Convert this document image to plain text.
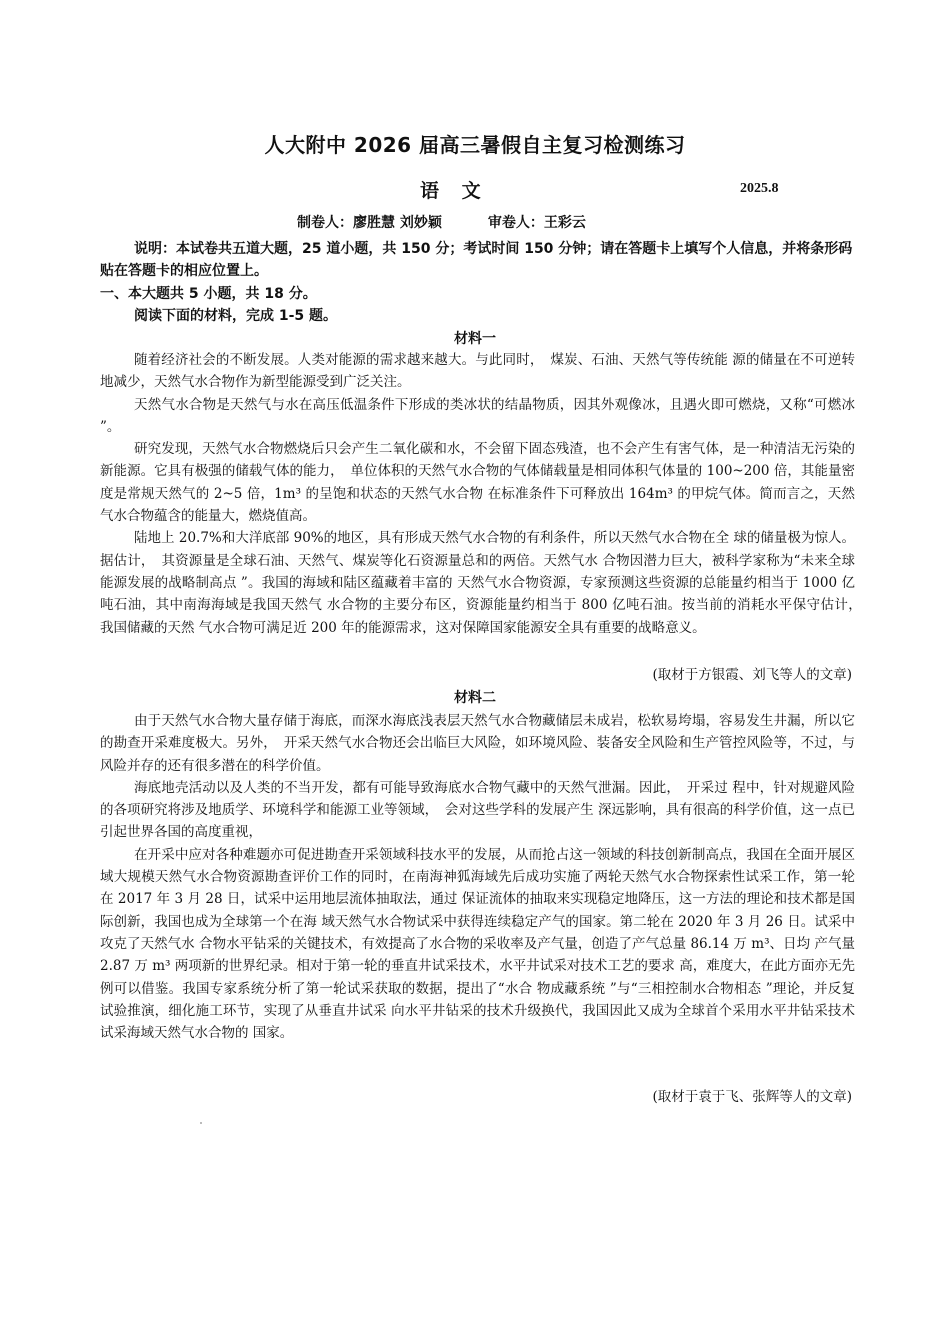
人大附中 2026 届高三暑假自主复习检测练习
语 文	2025.8
制卷人：廖胜慧 刘妙颖	审卷人：王彩云
说明：本试卷共五道大题，25 道小题，共 150 分；考试时间 150 分钟；请在答题卡上填写个人信息，并将条形码贴在答题卡的相应位置上。
一、本大题共 5 小题，共 18 分。
阅读下面的材料，完成 1-5 题。
材料一

随着经济社会的不断发展。人类对能源的需求越来越大。与此同时，　煤炭、石油、天然气等传统能 源的储量在不可逆转地减少，天然气水合物作为新型能源受到广泛关注。

天然气水合物是天然气与水在高压低温条件下形成的类冰状的结晶物质，因其外观像冰，且遇火即可燃烧，又称“可燃冰 ”。

研究发现，天然气水合物燃烧后只会产生二氧化碳和水，不会留下固态残渣，也不会产生有害气体，是一种清洁无污染的新能源。它具有极强的储载气体的能力，　单位体积的天然气水合物的气体储载量是相同体积气体量的 100~200 倍，其能量密度是常规天然气的 2~5 倍，1m³ 的呈饱和状态的天然气水合物 在标准条件下可释放出 164m³ 的甲烷气体。简而言之，天然气水合物蕴含的能量大，燃烧值高。

陆地上 20.7%和大洋底部 90%的地区，具有形成天然气水合物的有利条件，所以天然气水合物在全 球的储量极为惊人。据估计，　其资源量是全球石油、天然气、煤炭等化石资源量总和的两倍。天然气水 合物因潜力巨大，被科学家称为“未来全球能源发展的战略制高点 ”。我国的海域和陆区蕴藏着丰富的 天然气水合物资源，专家预测这些资源的总能量约相当于 1000 亿吨石油，其中南海海域是我国天然气 水合物的主要分布区，资源能量约相当于 800 亿吨石油。按当前的消耗水平保守估计，　我国储藏的天然 气水合物可满足近 200 年的能源需求，这对保障国家能源安全具有重要的战略意义。

(取材于方银霞、刘飞等人的文章)
材料二

由于天然气水合物大量存储于海底，而深水海底浅表层天然气水合物藏储层未成岩，松软易垮塌，容易发生井漏，所以它的勘查开采难度极大。另外，　开采天然气水合物还会岀临巨大风险，如环境风险、装备安全风险和生产管控风险等，不过，与风险并存的还有很多潜在的科学价值。

海底地壳活动以及人类的不当开发，都有可能导致海底水合物气藏中的天然气泄漏。因此，　开采过 程中，针对规避风险的各项研究将涉及地质学、环境科学和能源工业等领域，　会对这些学科的发展产生 深远影响，具有很高的科学价值，这一点已引起世界各国的高度重视，

在开采中应对各种难题亦可促进勘查开采领域科技水平的发展，从而抢占这一领域的科技创新制高点，我国在全面开展区域大规模天然气水合物资源勘查评价工作的同时，在南海神狐海域先后成功实施了两轮天然气水合物探索性试采工作，第一轮在 2017 年 3 月 28 日，试采中运用地层流体抽取法，通过 保证流体的抽取来实现稳定地降压，这一方法的理论和技术都是国际创新，我国也成为全球第一个在海 域天然气水合物试采中获得连续稳定产气的国家。第二轮在 2020 年 3 月 26 日。试采中攻克了天然气水 合物水平钻采的关键技术，有效提高了水合物的采收率及产气量，创造了产气总量 86.14 万 m³、日均 产气量 2.87 万 m³ 两项新的世界纪录。相对于第一轮的垂直井试采技术，水平井试采对技术工艺的要求 高，难度大，在此方面亦无先例可以借鉴。我国专家系统分析了第一轮试采获取的数据，提出了“水合 物成藏系统 ”与“三相控制水合物相态 ”理论，并反复试验推演，细化施工环节，实现了从垂直井试采 向水平井钻采的技术升级换代，我国因此又成为全球首个采用水平井钻采技术试采海域天然气水合物的 国家。

(取材于袁于飞、张辉等人的文章)
